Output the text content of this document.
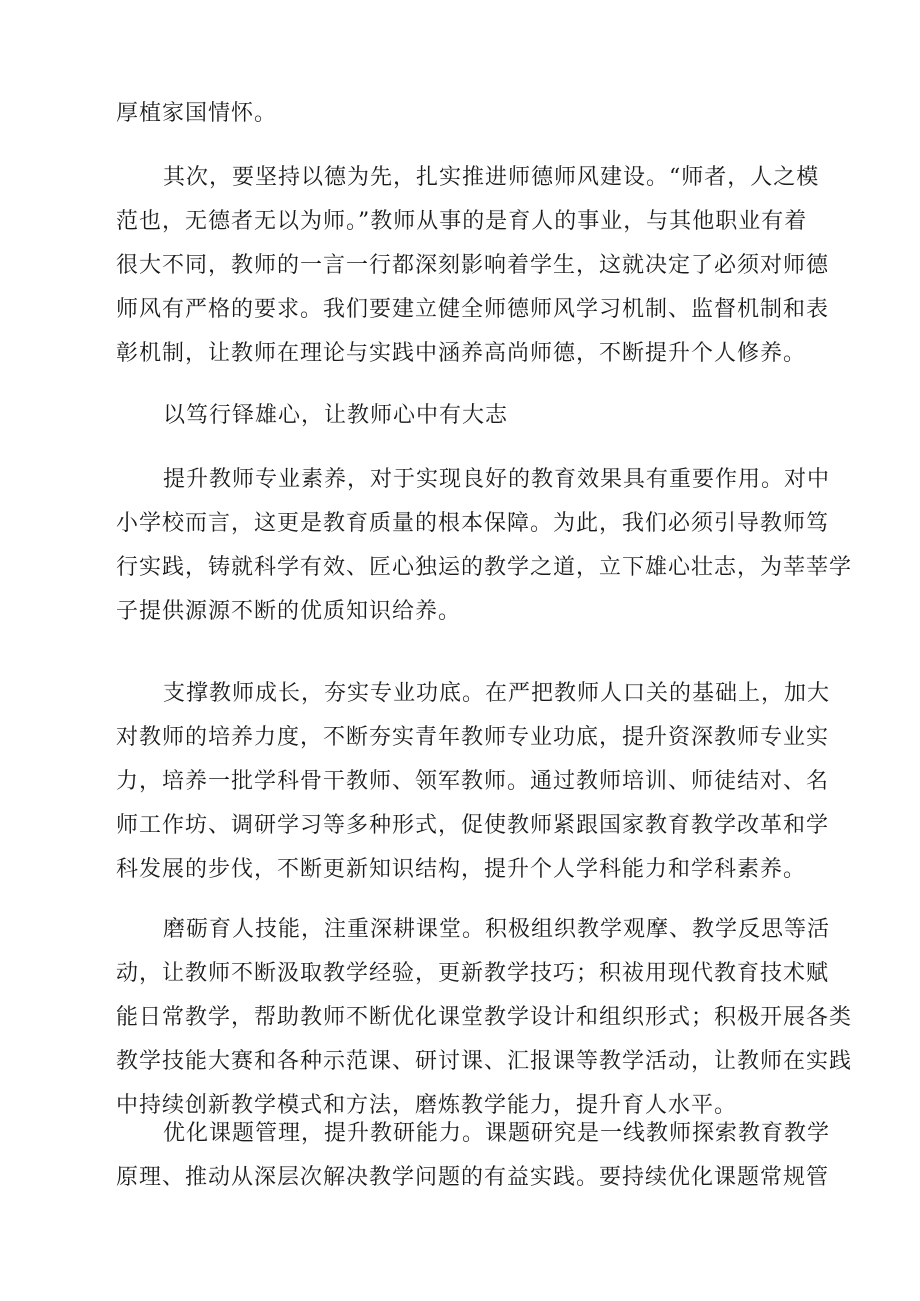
厚植家国情怀。
其次，要坚持以德为先，扎实推进师德师风建设。“师者，人之模
范也，无德者无以为师。”教师从事的是育人的事业，与其他职业有着
很大不同，教师的一言一行都深刻影响着学生，这就决定了必须对师德
师风有严格的要求。我们要建立健全师德师风学习机制、监督机制和表
彰机制，让教师在理论与实践中涵养高尚师德，不断提升个人修养。
以笃行铎雄心，让教师心中有大志
提升教师专业素养，对于实现良好的教育效果具有重要作用。对中
小学校而言，这更是教育质量的根本保障。为此，我们必须引导教师笃
行实践，铸就科学有效、匠心独运的教学之道，立下雄心壮志，为莘莘学
子提供源源不断的优质知识给养。
支撑教师成长，夯实专业功底。在严把教师人口关的基础上，加大
对教师的培养力度，不断夯实青年教师专业功底，提升资深教师专业实
力，培养一批学科骨干教师、领军教师。通过教师培训、师徒结对、名
师工作坊、调研学习等多种形式，促使教师紧跟国家教育教学改革和学
科发展的步伐，不断更新知识结构，提升个人学科能力和学科素养。
磨砺育人技能，注重深耕课堂。积极组织教学观摩、教学反思等活
动，让教师不断汲取教学经验，更新教学技巧；积祓用现代教育技术赋
能日常教学，帮助教师不断优化课堂教学设计和组织形式；积极开展各类
教学技能大赛和各种示范课、研讨课、汇报课等教学活动，让教师在实践
中持续创新教学模式和方法，磨炼教学能力，提升育人水平。
优化课题管理，提升教研能力。课题研究是一线教师探索教育教学
原理、推动从深层次解决教学问题的有益实践。要持续优化课题常规管
